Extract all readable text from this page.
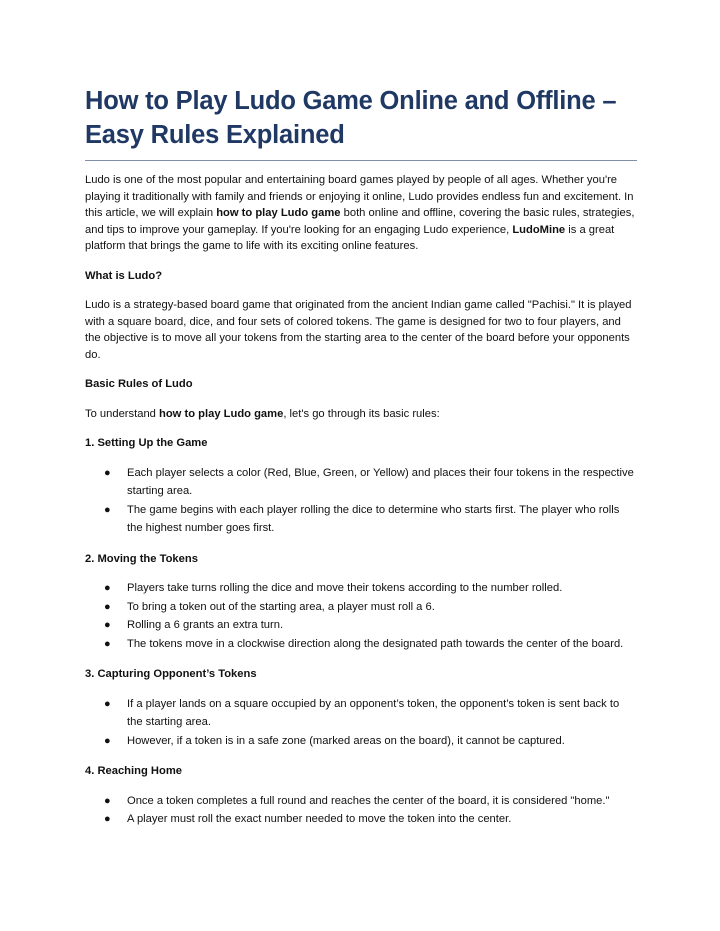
How to Play Ludo Game Online and Offline – Easy Rules Explained

Ludo is one of the most popular and entertaining board games played by people of all ages. Whether you're playing it traditionally with family and friends or enjoying it online, Ludo provides endless fun and excitement. In this article, we will explain how to play Ludo game both online and offline, covering the basic rules, strategies, and tips to improve your gameplay. If you're looking for an engaging Ludo experience, LudoMine is a great platform that brings the game to life with its exciting online features.

What is Ludo?

Ludo is a strategy-based board game that originated from the ancient Indian game called "Pachisi." It is played with a square board, dice, and four sets of colored tokens. The game is designed for two to four players, and the objective is to move all your tokens from the starting area to the center of the board before your opponents do.

Basic Rules of Ludo

To understand how to play Ludo game, let's go through its basic rules:

1. Setting Up the Game

● Each player selects a color (Red, Blue, Green, or Yellow) and places their four tokens in the respective starting area.
● The game begins with each player rolling the dice to determine who starts first. The player who rolls the highest number goes first.

2. Moving the Tokens

● Players take turns rolling the dice and move their tokens according to the number rolled.
● To bring a token out of the starting area, a player must roll a 6.
● Rolling a 6 grants an extra turn.
● The tokens move in a clockwise direction along the designated path towards the center of the board.

3. Capturing Opponent’s Tokens

● If a player lands on a square occupied by an opponent’s token, the opponent’s token is sent back to the starting area.
● However, if a token is in a safe zone (marked areas on the board), it cannot be captured.

4. Reaching Home

● Once a token completes a full round and reaches the center of the board, it is considered "home."
● A player must roll the exact number needed to move the token into the center.
